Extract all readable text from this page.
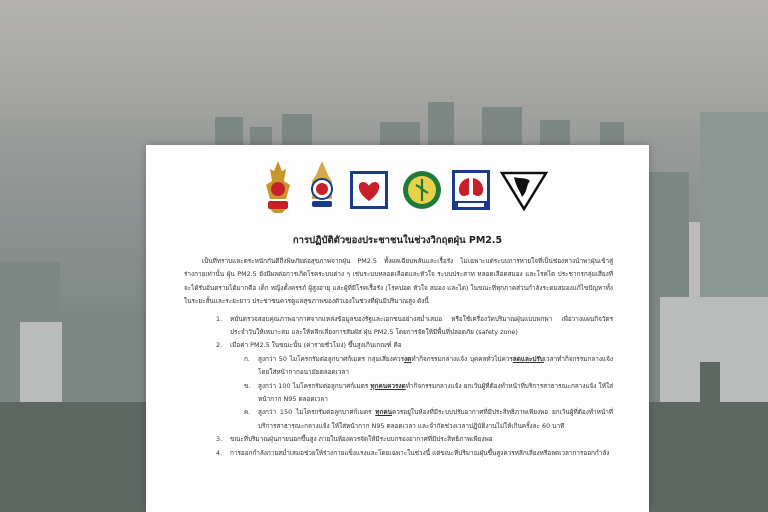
การปฏิบัติตัวของประชาชนในช่วงวิกฤตฝุ่น PM2.5

เป็นที่ทราบและตระหนักกันดีถึงพิษภัยต่อสุขภาพจากฝุ่น PM2.5 ทั้งผลเฉียบพลันและเรื้อรัง ไม่เฉพาะแต่ระบบการหายใจที่เป็นช่องทางนำพาฝุ่นเข้าสู่ร่างกายเท่านั้น ฝุ่น PM2.5 ยังมีผลต่อการเกิดโรคระบบต่าง ๆ เช่นระบบหลอดเลือดและหัวใจ ระบบประสาท หลอดเลือดสมอง และโรคไต ประชากรกลุ่มเสี่ยงที่จะได้รับอันตรายได้มากคือ เด็ก หญิงตั้งครรภ์ ผู้สูงอายุ และผู้ที่มีโรคเรื้อรัง (โรคปอด หัวใจ สมอง และไต) ในขณะที่ทุกภาคส่วนกำลังระดมสมองแก้ไขปัญหาทั้งในระยะสั้นและระยะยาว ประชาชนควรดูแลสุขภาพของตัวเองในช่วงที่ฝุ่นมีปริมาณสูง ดังนี้

1. หมั่นตรวจสอบคุณภาพอากาศจากแหล่งข้อมูลของรัฐและเอกชนอย่างสม่ำเสมอ หรือใช้เครื่องวัดปริมาณฝุ่นแบบพกพา เพื่อวางแผนกิจวัตรประจำวันให้เหมาะสม และให้หลีกเลี่ยงการสัมผัส ฝุ่น PM2.5 โดยการจัดให้มีพื้นที่ปลอดภัย (safety zone)
2. เมื่อค่า PM2.5 ในขณะนั้น (ค่ารายชั่วโมง) ขึ้นสูงเกินเกณฑ์ คือ
ก. สูงกว่า 50 ไมโครกรัมต่อลูกบาศก์เมตร กลุ่มเสี่ยงควรงดทำกิจกรรมกลางแจ้ง บุคคลทั่วไปควรลดและปรับเวลาทำกิจกรรมกลางแจ้ง โดยใส่หน้ากากอนามัยตลอดเวลา
ข. สูงกว่า 100 ไมโครกรัมต่อลูกบาศก์เมตร ทุกคนควรงดทำกิจกรรมกลางแจ้ง ยกเว้นผู้ที่ต้องทำหน้าที่บริการสาธารณะกลางแจ้ง ให้ใส่หน้ากาก N95 ตลอดเวลา
ค. สูงกว่า 150 ไมโครกรัมต่อลูกบาศก์เมตร ทุกคนควรอยู่ในห้องที่มีระบบปรับอากาศที่มีประสิทธิภาพเพียงพอ ยกเว้นผู้ที่ต้องทำหน้าที่บริการสาธารณะกลางแจ้ง ให้ใส่หน้ากาก N95 ตลอดเวลา และจำกัดช่วงเวลาปฏิบัติงานไม่ให้เกินครั้งละ 60 นาที
3. ขณะที่ปริมาณฝุ่นภายนอกขึ้นสูง ภายในห้องควรจัดให้มีระบบกรองอากาศที่มีประสิทธิภาพเพียงพอ
4. การออกกำลังกายสม่ำเสมอช่วยให้ร่างกายแข็งแรงและโดยเฉพาะในช่วงนี้ แต่ขณะที่ปริมาณฝุ่นขึ้นสูงควรหลีกเลี่ยงหรือลดเวลาการออกกำลัง
